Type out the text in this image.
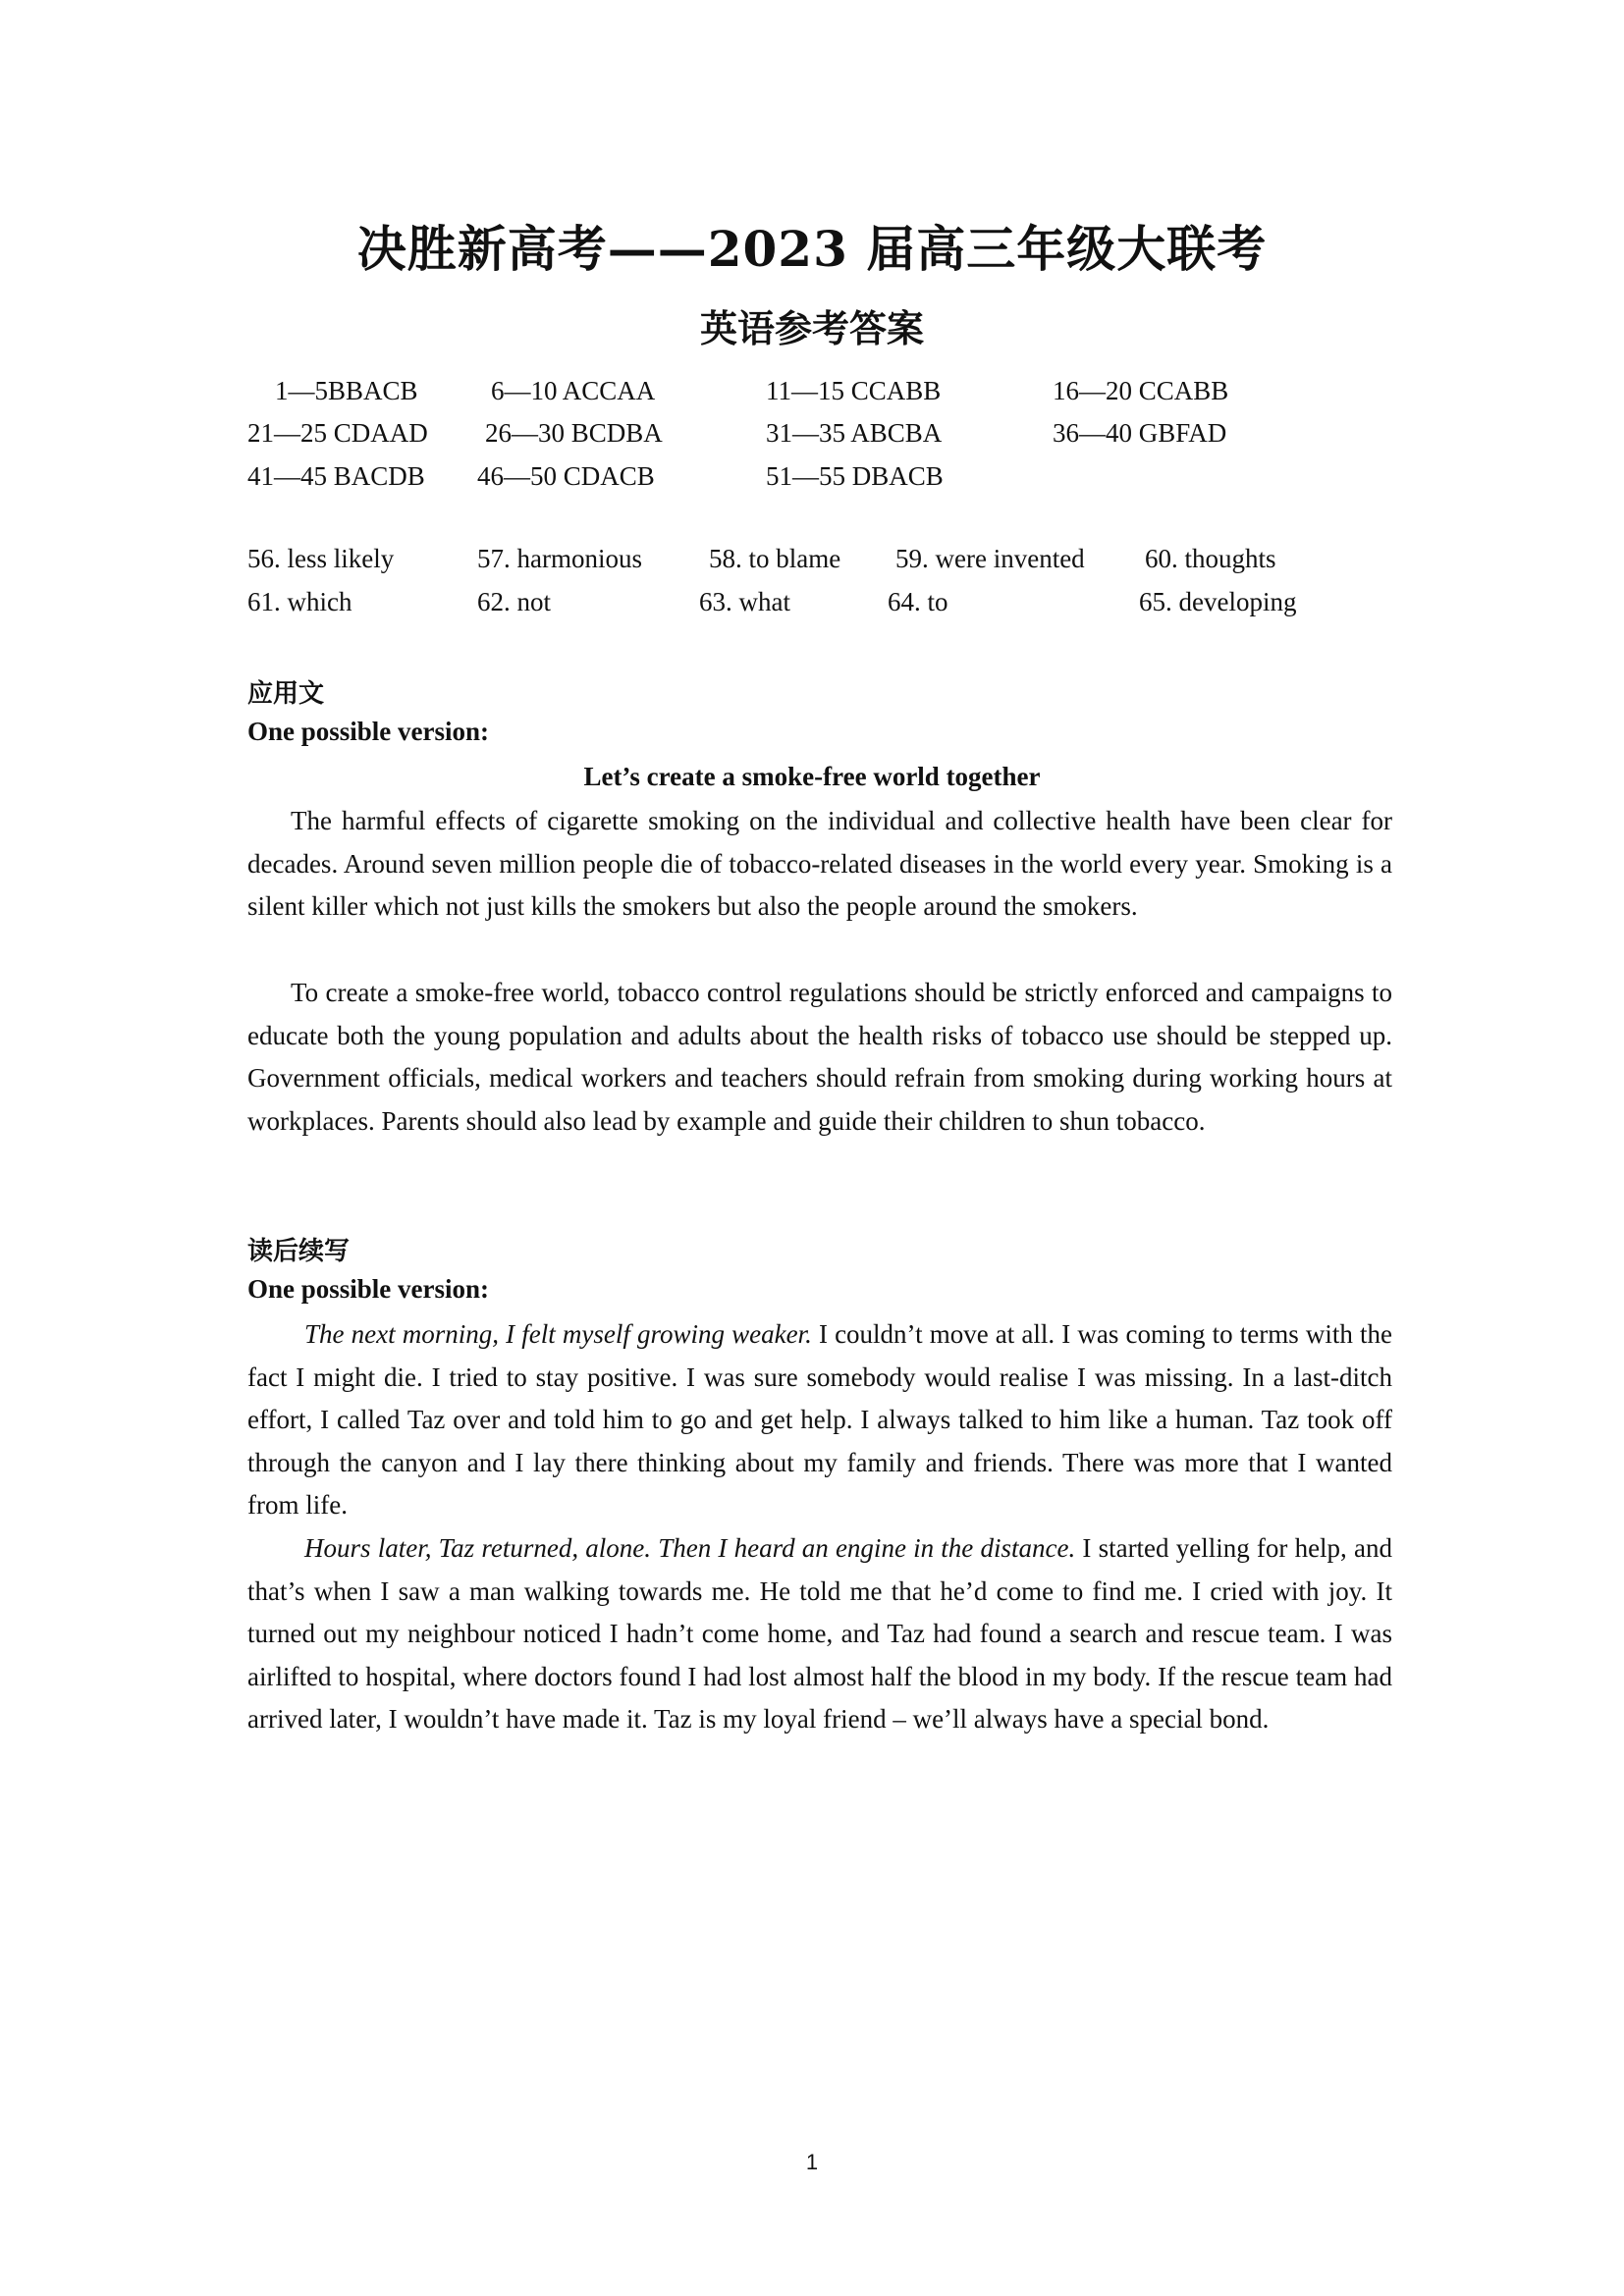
决胜新高考——2023 届高三年级大联考
英语参考答案
1—5BBACB	6—10 ACCAA	11—15 CCABB	16—20 CCABB
21—25 CDAAD 26—30 BCDBA	31—35 ABCBA	36—40 GBFAD
41—45 BACDB 46—50 CDACB	51—55 DBACB
56. less likely	57. harmonious	58. to blame 59. were invented 60. thoughts
61. which	62. not	63. what	64. to	65. developing
应用文
One possible version:
Let’s create a smoke-free world together

The harmful effects of cigarette smoking on the individual and collective health have been clear for decades. Around seven million people die of tobacco-related diseases in the world every year. Smoking is a silent killer which not just kills the smokers but also the people around the smokers.

To create a smoke-free world, tobacco control regulations should be strictly enforced and campaigns to educate both the young population and adults about the health risks of tobacco use should be stepped up. Government officials, medical workers and teachers should refrain from smoking during working hours at workplaces. Parents should also lead by example and guide their children to shun tobacco.

读后续写
One possible version:

The next morning, I felt myself growing weaker. I couldn’t move at all. I was coming to terms with the fact I might die. I tried to stay positive. I was sure somebody would realise I was missing. In a last-ditch effort, I called Taz over and told him to go and get help. I always talked to him like a human. Taz took off through the canyon and I lay there thinking about my family and friends. There was more that I wanted from life.

Hours later, Taz returned, alone. Then I heard an engine in the distance. I started yelling for help, and that’s when I saw a man walking towards me. He told me that he’d come to find me. I cried with joy. It turned out my neighbour noticed I hadn’t come home, and Taz had found a search and rescue team. I was airlifted to hospital, where doctors found I had lost almost half the blood in my body. If the rescue team had arrived later, I wouldn’t have made it. Taz is my loyal friend – we’ll always have a special bond.

1
